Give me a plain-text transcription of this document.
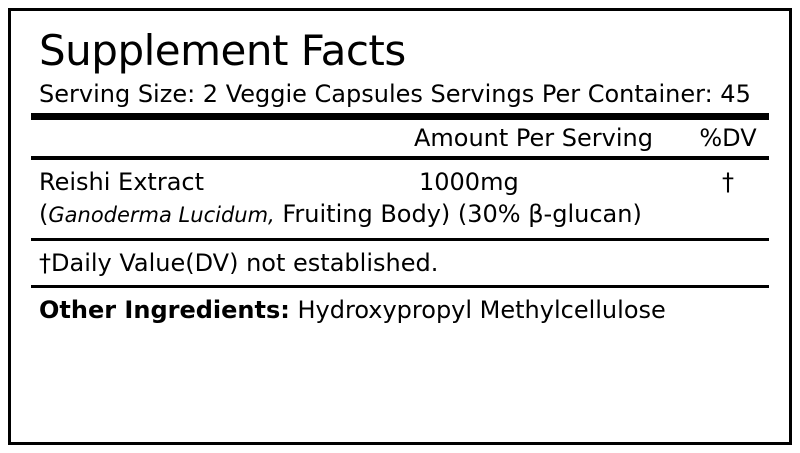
Supplement Facts
Serving Size: 2 Veggie Capsules Servings Per Container: 45
Amount Per Serving	%DV
Reishi Extract	1000mg	†
(Ganoderma Lucidum, Fruiting Body) (30% β-glucan)
†Daily Value(DV) not established.
Other Ingredients: Hydroxypropyl Methylcellulose
